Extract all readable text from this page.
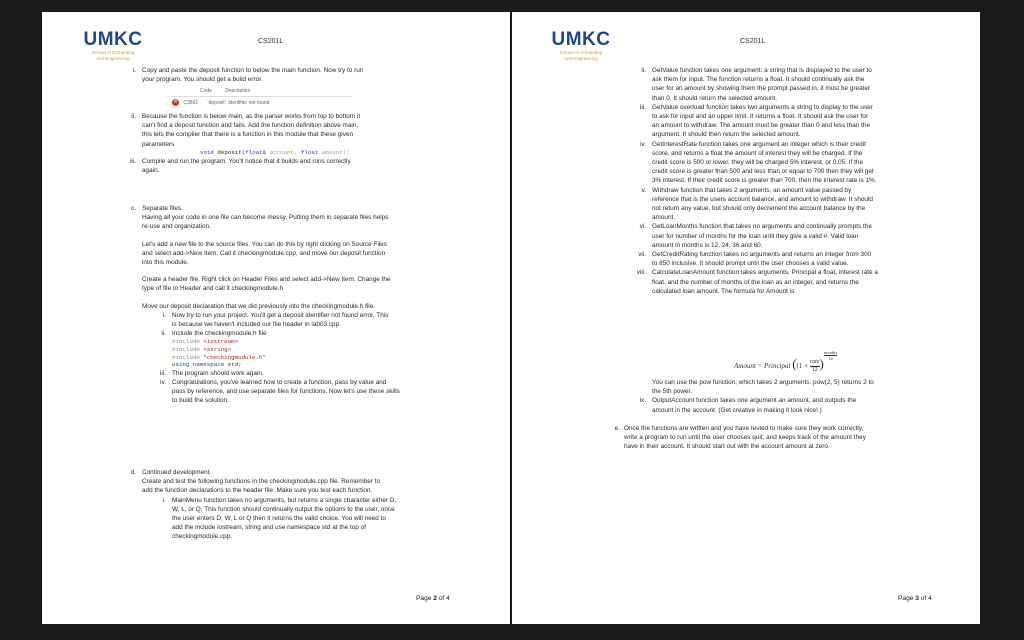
UMKC
School of Computing
and Engineering
CS201L
i. Copy and paste the deposit function to below the main function. Now try to run
your program. You should get a build error.
Code	Description
✕ C3861 'deposit': identifier not found
ii. Because the function is below main, as the parser works from top to bottom it
can't find a deposit function and fails. Add the function definition above main,
this lets the compiler that there is a function in this module that these given
parameters
void deposit(float& account, float amount);
iii. Compile and run the program. You'll notice that it builds and runs correctly
again.
c. Separate files.
Having all your code in one file can become messy. Putting them in separate files helps
re-use and organization.
Let's add a new file to the source files. You can do this by right clicking on Source Files
and select add->New Item. Call it checkingmodule.cpp, and move our deposit function
into this module.
Create a header file. Right click on Header Files and select add->New Item. Change the
type of file to Header and call it checkingmodule.h
Move our deposit declaration that we did previously into the checkingmodule.h file.
i. Now try to run your project. You'll get a deposit identifier not found error. This
is because we haven't included our file header in lab03.cpp
ii. Include the checkingmodule.h file
#include <iostream>
#include <string>
#include "checkingmodule.h"
using namespace std;
iii. The program should work again.
iv. Congratulations, you've learned how to create a function, pass by value and
pass by reference, and use separate files for functions. Now let's use these skills
to build the solution.
d. Continued development.
Create and test the following functions in the checkingmodule.cpp file. Remember to
add the function declarations to the header file. Make sure you test each function.
i. MainMenu function takes no arguments, but returns a single character either D,
W, L, or Q. This function should continually output the options to the user, once
the user enters D, W, L or Q then it returns the valid choice. You will need to
add the include iostream, string and use namespace std at the top of
checkingmodule.cpp.
Page 2 of 4
UMKC
School of Computing
and Engineering
CS201L
ii. GetValue function takes one argument: a string that is displayed to the user to
ask them for input. The function returns a float. It should continually ask the
user for an amount by showing them the prompt passed in, it must be greater
than 0. It should return the selected amount.
iii. GetValue overload function takes two arguments a string to display to the user
to ask for input and an upper limit. It returns a float. It should ask the user for
an amount to withdraw. The amount must be greater than 0 and less than the
argument. It should then return the selected amount.
iv. GetInterestRate function takes one argument an integer which is their credit
score, and returns a float the amount of interest they will be charged. If the
credit score is 500 or lower, they will be charged 5% interest. or 0.05. If the
credit score is greater than 500 and less than or equal to 700 then they will get
3% interest. If their credit score is greater than 700, then the interest rate is 1%.
v. Withdraw function that takes 2 arguments, an amount value passed by
reference that is the users account balance, and amount to withdraw. It should
not return any value, but should only decrement the account balance by the
amount.
vi. GetLoanMonths function that takes no arguments and continually prompts the
user for number of months for the loan until they give a valid #. Valid loan
amount in months is 12, 24, 36 and 60.
vii. GetCreditRating function takes no arguments and returns an integer from 300
to 850 inclusive. It should prompt until the user chooses a valid value.
viii. CalculateLoanAmount function takes arguments, Principal a float, interest rate a
float, and the number of months of the loan as an integer, and returns the
calculated loan amount. The formula for Amount is
Amount = Principal ((1 +
rate
12 )
months
12
You can use the pow function, which takes 2 arguments. pow(2, 5) returns 2 to
the 5th power.
ix. OutputAccount function takes one argument an amount, and outputs the
amount in the account. (Get creative in making it look nice!.)
e. Once the functions are written and you have tested to make sure they work correctly,
write a program to run until the user chooses quit, and keeps track of the amount they
have in their account. It should start out with the account amount at zero.
Page 3 of 4
